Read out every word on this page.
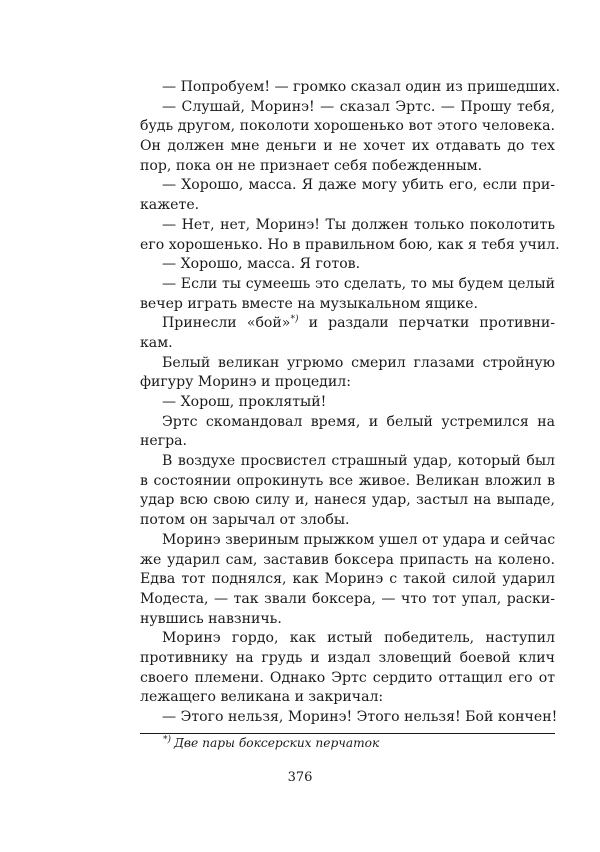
— Попробуем! — громко сказал один из пришедших.
— Слушай, Моринэ! — сказал Эртс. — Прошу тебя,
будь другом, поколоти хорошенько вот этого человека.
Он должен мне деньги и не хочет их отдавать до тех
пор, пока он не признает себя побежденным.
— Хорошо, масса. Я даже могу убить его, если при-
кажете.
— Нет, нет, Моринэ! Ты должен только поколотить
его хорошенько. Но в правильном бою, как я тебя учил.
— Хорошо, масса. Я готов.
— Если ты сумеешь это сделать, то мы будем целый
вечер играть вместе на музыкальном ящике.
Принесли «бой»*) и раздали перчатки противни-
кам.
Белый великан угрюмо смерил глазами стройную
фигуру Моринэ и процедил:
— Хорош, проклятый!
Эртс скомандовал время, и белый устремился на
негра.
В воздухе просвистел страшный удар, который был
в состоянии опрокинуть все живое. Великан вложил в
удар всю свою силу и, нанеся удар, застыл на выпаде,
потом он зарычал от злобы.
Моринэ звериным прыжком ушел от удара и сейчас
же ударил сам, заставив боксера припасть на колено.
Едва тот поднялся, как Моринэ с такой силой ударил
Модеста, — так звали боксера, — что тот упал, раски-
нувшись навзничь.
Моринэ гордо, как истый победитель, наступил
противнику на грудь и издал зловещий боевой клич
своего племени. Однако Эртс сердито оттащил его от
лежащего великана и закричал:
— Этого нельзя, Моринэ! Этого нельзя! Бой кончен!
*) Две пары боксерских перчаток
376
